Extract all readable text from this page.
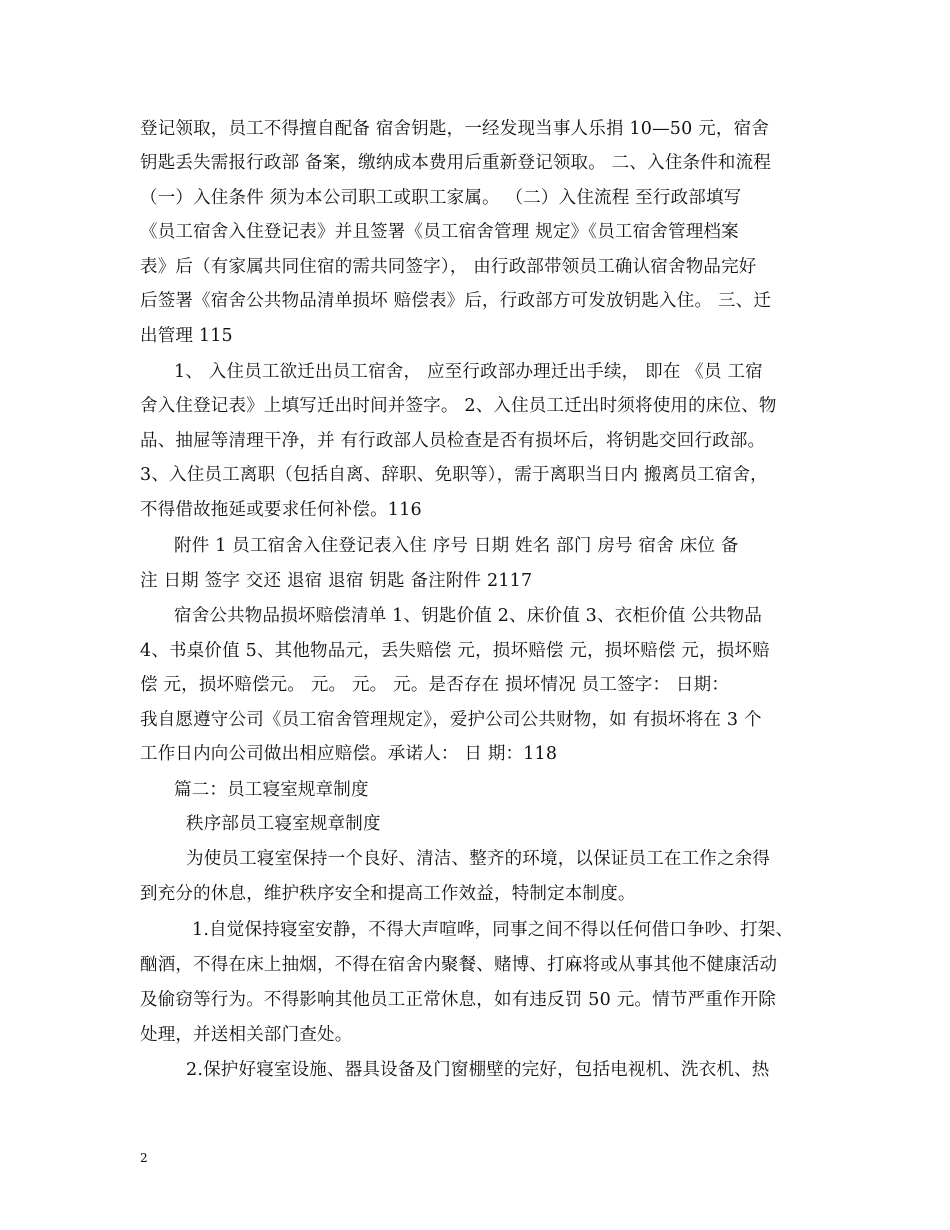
登记领取，员工不得擅自配备 宿舍钥匙，一经发现当事人乐捐 10—50 元，宿舍
钥匙丢失需报行政部 备案，缴纳成本费用后重新登记领取。 二、入住条件和流程
（一）入住条件 须为本公司职工或职工家属。 （二）入住流程 至行政部填写
《员工宿舍入住登记表》并且签署《员工宿舍管理 规定》《员工宿舍管理档案
表》后（有家属共同住宿的需共同签字）， 由行政部带领员工确认宿舍物品完好
后签署《宿舍公共物品清单损坏 赔偿表》后，行政部方可发放钥匙入住。 三、迁
出管理 115
1、 入住员工欲迁出员工宿舍， 应至行政部办理迁出手续， 即在 《员 工宿
舍入住登记表》上填写迁出时间并签字。 2、入住员工迁出时须将使用的床位、物
品、抽屉等清理干净，并 有行政部人员检查是否有损坏后，将钥匙交回行政部。
3、入住员工离职（包括自离、辞职、免职等），需于离职当日内 搬离员工宿舍，
不得借故拖延或要求任何补偿。116
附件 1 员工宿舍入住登记表入住 序号 日期 姓名 部门 房号 宿舍 床位 备
注 日期 签字 交还 退宿 退宿 钥匙 备注附件 2117
宿舍公共物品损坏赔偿清单 1、钥匙价值 2、床价值 3、衣柜价值 公共物品
4、书桌价值 5、其他物品元，丢失赔偿 元，损坏赔偿 元，损坏赔偿 元，损坏赔
偿 元，损坏赔偿元。 元。 元。 元。是否存在 损坏情况 员工签字： 日期：
我自愿遵守公司《员工宿舍管理规定》，爱护公司公共财物，如 有损坏将在 3 个
工作日内向公司做出相应赔偿。承诺人： 日 期：118
篇二：员工寝室规章制度
秩序部员工寝室规章制度
为使员工寝室保持一个良好、清洁、整齐的环境，以保证员工在工作之余得
到充分的休息，维护秩序安全和提高工作效益，特制定本制度。
1.自觉保持寝室安静，不得大声喧哗，同事之间不得以任何借口争吵、打架、
酗酒，不得在床上抽烟，不得在宿舍内聚餐、赌博、打麻将或从事其他不健康活动
及偷窃等行为。不得影响其他员工正常休息，如有违反罚 50 元。情节严重作开除
处理，并送相关部门查处。
2.保护好寝室设施、器具设备及门窗棚壁的完好，包括电视机、洗衣机、热
2
